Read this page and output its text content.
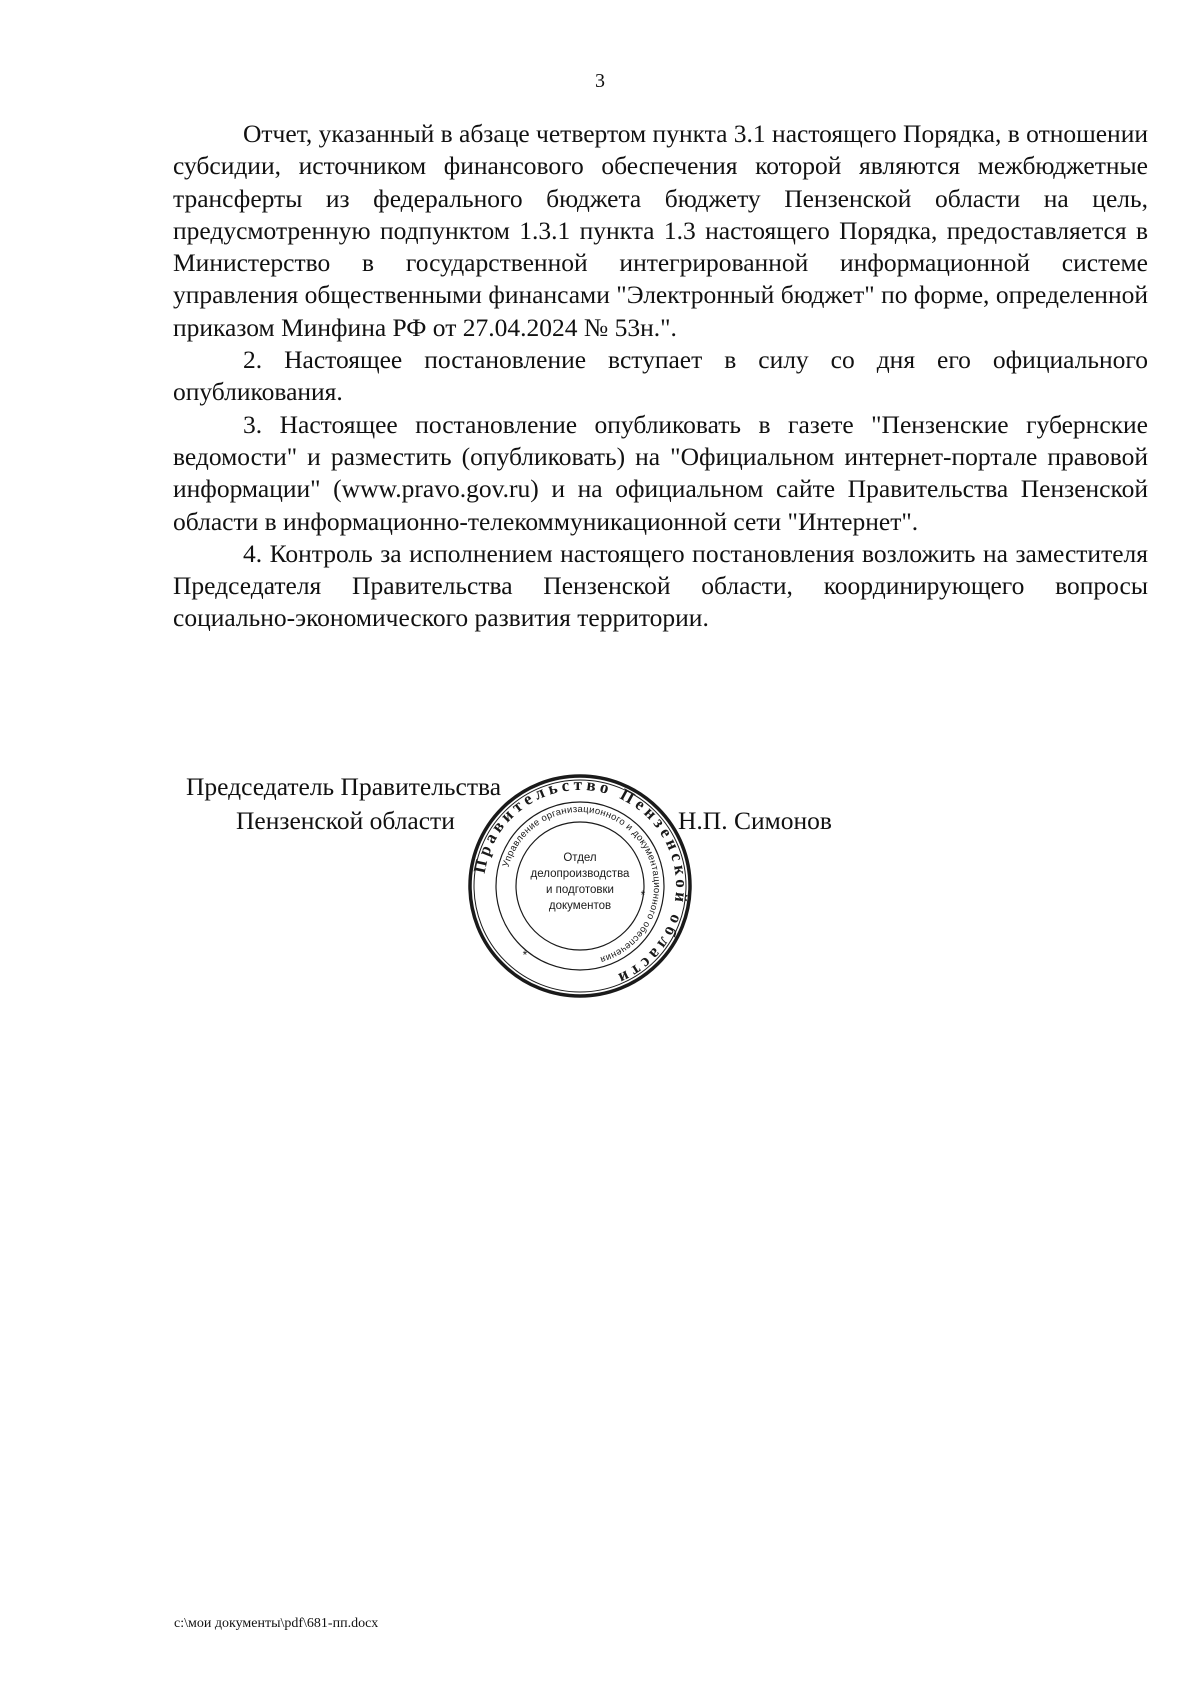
3

Отчет, указанный в абзаце четвертом пункта 3.1 настоящего Порядка, в отношении субсидии, источником финансового обеспечения которой являются межбюджетные трансферты из федерального бюджета бюджету Пензенской области на цель, предусмотренную подпунктом 1.3.1 пункта 1.3 настоящего Порядка, предоставляется в Министерство в государственной интегрированной информационной системе управления общественными финансами "Электронный бюджет" по форме, определенной приказом Минфина РФ от 27.04.2024 № 53н.".

2. Настоящее постановление вступает в силу со дня его официального опубликования.

3. Настоящее постановление опубликовать в газете "Пензенские губернские ведомости" и разместить (опубликовать) на "Официальном интернет-портале правовой информации" (www.pravo.gov.ru) и на официальном сайте Правительства Пензенской области в информационно-телекоммуникационной сети "Интернет".

4. Контроль за исполнением настоящего постановления возложить на заместителя Председателя Правительства Пензенской области, координирующего вопросы социально-экономического развития территории.

Председатель Правительства
Пензенской области	Н.П. Симонов
Правительство Пензенской области
Управление организационного и документационного обеспечения
*
*
Отдел
делопроизводства
и подготовки
документов
c:\мои документы\pdf\681-пп.docx
